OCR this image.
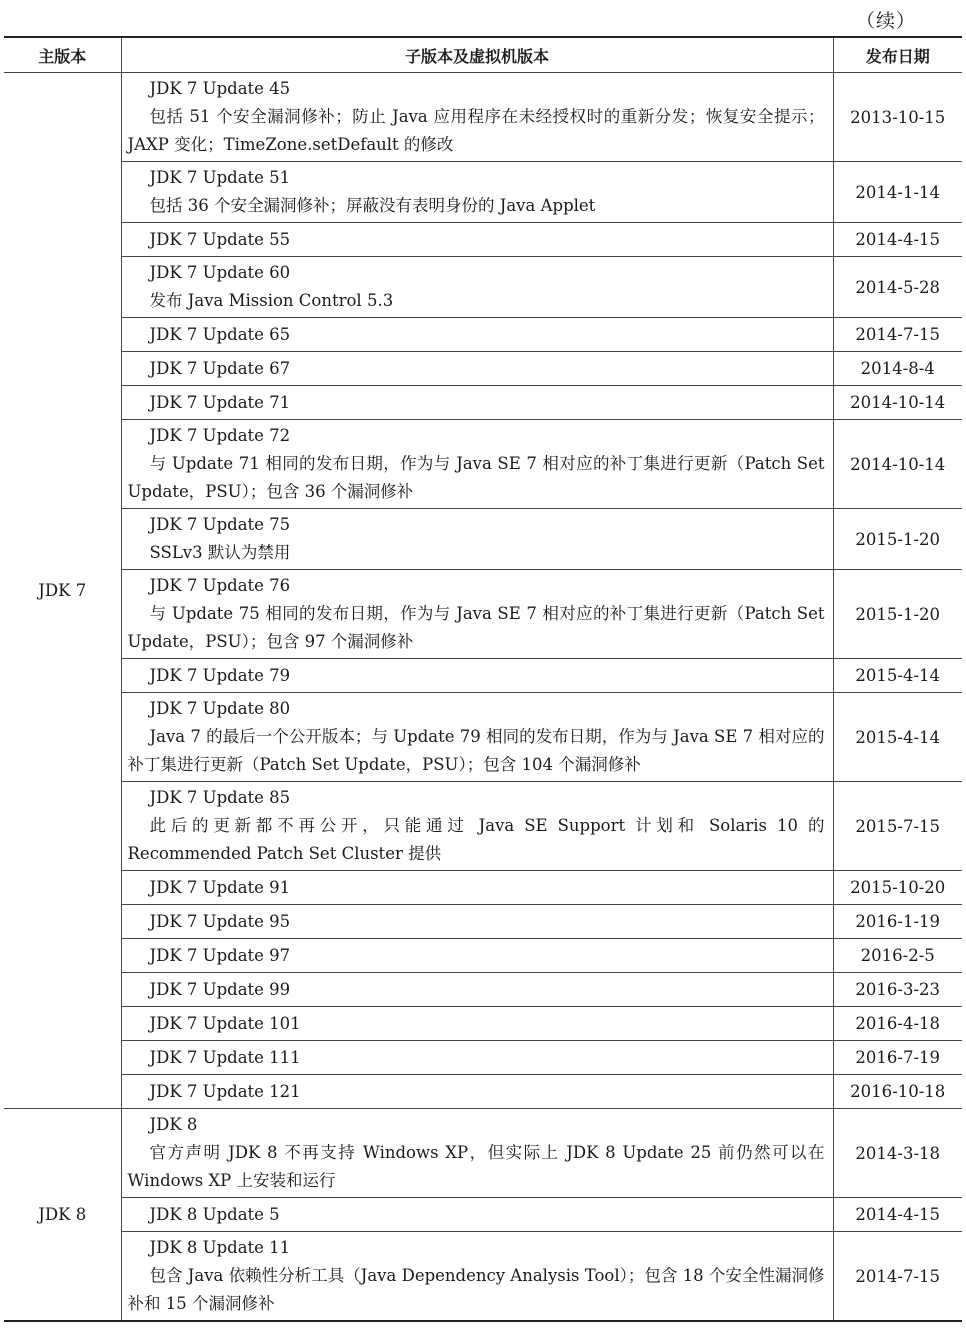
（续）
主版本	子版本及虚拟机版本	发布日期
JDK 7	JDK 7 Update 45
包括 51 个安全漏洞修补；防止 Java 应用程序在未经授权时的重新分发；恢复安全提示；JAXP 变化；TimeZone.setDefault 的修改	2013-10-15

	JDK 7 Update 51
包括 36 个安全漏洞修补；屏蔽没有表明身份的 Java Applet	2014-1-14

	JDK 7 Update 55	2014-4-15

	JDK 7 Update 60
发布 Java Mission Control 5.3	2014-5-28

	JDK 7 Update 65	2014-7-15

	JDK 7 Update 67	2014-8-4

	JDK 7 Update 71	2014-10-14

	JDK 7 Update 72
与 Update 71 相同的发布日期，作为与 Java SE 7 相对应的补丁集进行更新（Patch Set Update，PSU）；包含 36 个漏洞修补	2014-10-14

	JDK 7 Update 75
SSLv3 默认为禁用	2015-1-20

	JDK 7 Update 76
与 Update 75 相同的发布日期，作为与 Java SE 7 相对应的补丁集进行更新（Patch Set Update，PSU）；包含 97 个漏洞修补	2015-1-20

	JDK 7 Update 79	2015-4-14

	JDK 7 Update 80
Java 7 的最后一个公开版本；与 Update 79 相同的发布日期，作为与 Java SE 7 相对应的补丁集进行更新（Patch Set Update，PSU）；包含 104 个漏洞修补	2015-4-14

	JDK 7 Update 85
此后的更新都不再公开，只能通过 Java SE Support 计划和 Solaris 10 的 Recommended Patch Set Cluster 提供	2015-7-15

	JDK 7 Update 91	2015-10-20

	JDK 7 Update 95	2016-1-19

	JDK 7 Update 97	2016-2-5

	JDK 7 Update 99	2016-3-23

	JDK 7 Update 101	2016-4-18

	JDK 7 Update 111	2016-7-19

	JDK 7 Update 121	2016-10-18
JDK 8	JDK 8
官方声明 JDK 8 不再支持 Windows XP，但实际上 JDK 8 Update 25 前仍然可以在 Windows XP 上安装和运行	2014-3-18

	JDK 8 Update 5	2014-4-15

	JDK 8 Update 11
包含 Java 依赖性分析工具（Java Dependency Analysis Tool）；包含 18 个安全性漏洞修补和 15 个漏洞修补	2014-7-15
